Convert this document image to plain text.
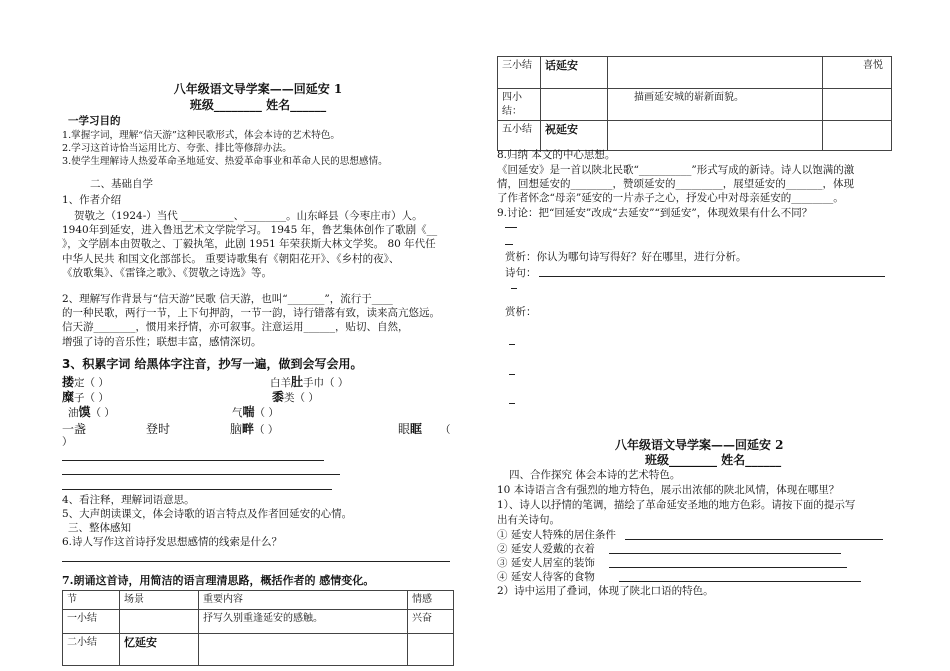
八年级语文导学案——回延安 1
班级________ 姓名______
一学习目的
1.掌握字词，理解“信天游”这种民歌形式，体会本诗的艺术特色。
2.学习这首诗恰当运用比方、夸张、排比等修辞办法。
3.使学生理解诗人热爱革命圣地延安、热爱革命事业和革命人民的思想感情。
二、基础自学
1、作者介绍
贺敬之（1924-）当代 __________、________。山东峄县（今枣庄市）人。
1940年到延安，进入鲁迅艺术文学院学习。 1945 年，鲁艺集体创作了歌剧《__
》，文学剧本由贺敬之、丁毅执笔，此剧 1951 年荣获斯大林文学奖。 80 年代任
中华人民共 和国文化部部长。 重要诗歌集有《朝阳花开》、《乡村的夜》、
《放歌集》、《雷锋之歌》、《贺敬之诗选》等。
2、理解写作背景与“信天游”民歌 信天游，也叫“_______”，流行于____
的一种民歌，两行一节，上下句押韵，一节一韵，诗行错落有致，读来高亢悠远。
信天游________，惯用来抒情，亦可叙事。注意运用______，贴切、自然，
增强了诗的音乐性；联想丰富，感情深切。
3、积累字词 给黑体字注音，抄写一遍，做到会写会用。
搂定（ ）	白羊肚手巾（ ）
糜子（ ）	黍类（ ）
油馍（ ）	气喘（ ）
一盏	登时	脑畔（ ）	眼眶 （
）
4、看注释，理解词语意思。
5、大声朗读课文，体会诗歌的语言特点及作者回延安的心情。
三、整体感知
6.诗人写作这首诗抒发思想感情的线索是什么？
7.朗诵这首诗，用简洁的语言理清思路，概括作者的 感情变化。
节	场景	重要内容	情感
一小结		抒写久别重逢延安的感触。	兴奋
二小结	忆延安		
三小结	话延安		喜悦
四小结：		描画延安城的崭新面貌。	
五小结	祝延安		
8.归纳 本文的中心思想。
《回延安》是一首以陕北民歌“__________”形式写成的新诗。诗人以饱满的激
情，回想延安的________，赞颂延安的_________，展望延安的_______，体现
了作者怀念“母亲”延安的一片赤子之心，抒发心中对母亲延安的________。
9.讨论：把“回延安”改成“去延安”“到延安”，体现效果有什么不同？
赏析：你认为哪句诗写得好？好在哪里，进行分析。
诗句：
赏析：
八年级语文导学案——回延安 2
班级________ 姓名______
四、合作探究 体会本诗的艺术特色。
10 本诗语言含有强烈的地方特色，展示出浓郁的陕北风情，体现在哪里？
1）、诗人以抒情的笔调，描绘了革命延安圣地的地方色彩。请按下面的提示写
出有关诗句。
① 延安人特殊的居住条件
② 延安人爱戴的衣着
③ 延安人居室的装饰
④ 延安人待客的食物
2）诗中运用了叠词，体现了陕北口语的特色。
